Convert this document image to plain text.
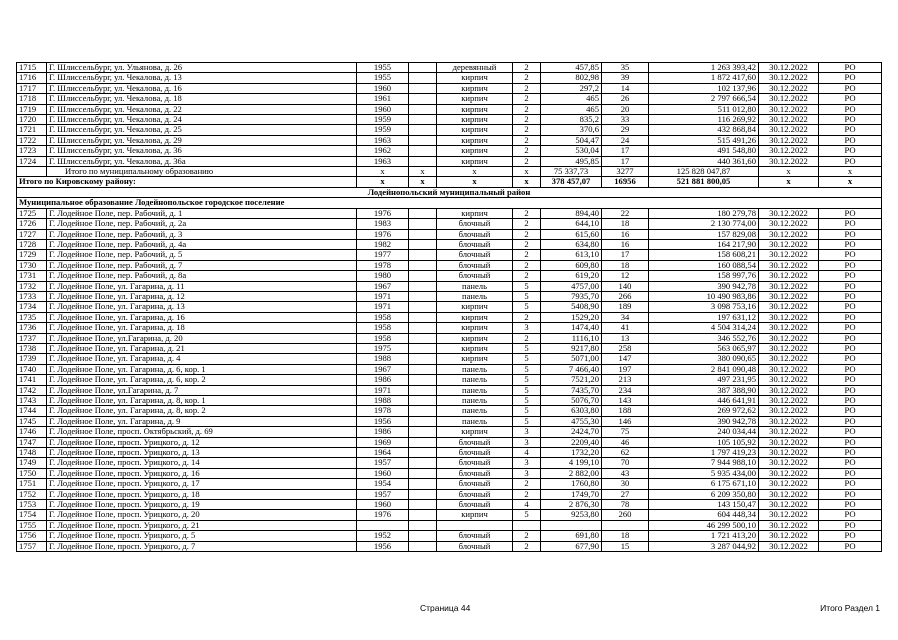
1715	Г. Шлиссельбург, ул. Ульянова, д. 26	1955		деревянный	2	457,85	35	1 263 393,42	30.12.2022	РО
1716	Г. Шлиссельбург, ул. Чекалова, д. 13	1955		кирпич	2	802,98	39	1 872 417,60	30.12.2022	РО
1717	Г. Шлиссельбург, ул. Чекалова, д. 16	1960		кирпич	2	297,2	14	102 137,96	30.12.2022	РО
1718	Г. Шлиссельбург, ул. Чекалова, д. 18	1961		кирпич	2	465	26	2 797 666,54	30.12.2022	РО
1719	Г. Шлиссельбург, ул. Чекалова, д. 22	1960		кирпич	2	465	20	511 012,80	30.12.2022	РО
1720	Г. Шлиссельбург, ул. Чекалова, д. 24	1959		кирпич	2	835,2	33	116 269,92	30.12.2022	РО
1721	Г. Шлиссельбург, ул. Чекалова, д. 25	1959		кирпич	2	370,6	29	432 868,84	30.12.2022	РО
1722	Г. Шлиссельбург, ул. Чекалова, д. 29	1963		кирпич	2	504,47	24	515 491,26	30.12.2022	РО
1723	Г. Шлиссельбург, ул. Чекалова, д. 36	1962		кирпич	2	530,04	17	491 548,80	30.12.2022	РО
1724	Г. Шлиссельбург, ул. Чекалова, д. 36а	1963		кирпич	2	495,85	17	440 361,60	30.12.2022	РО
	Итого по муниципальному образованию	x	x	x	x	75 337,73	3277	125 828 047,87	x	x
Итого по Кировскому району:		x	x	x	x	378 457,07	16956	521 881 800,05	x	x
Лодейнопольский муниципальный район										
Муниципальное образование Лодейнопольское городское поселение										
1725	Г. Лодейное Поле, пер. Рабочий, д. 1	1976		кирпич	2	894,40	22	180 279,78	30.12.2022	РО
1726	Г. Лодейное Поле, пер. Рабочий, д. 2а	1983		блочный	2	644,10	18	2 130 774,00	30.12.2022	РО
1727	Г. Лодейное Поле, пер. Рабочий, д. 3	1976		блочный	2	615,60	16	157 829,08	30.12.2022	РО
1728	Г. Лодейное Поле, пер. Рабочий, д. 4а	1982		блочный	2	634,80	16	164 217,90	30.12.2022	РО
1729	Г. Лодейное Поле, пер. Рабочий, д. 5	1977		блочный	2	613,10	17	158 608,21	30.12.2022	РО
1730	Г. Лодейное Поле, пер. Рабочий, д. 7	1978		блочный	2	609,80	18	160 088,54	30.12.2022	РО
1731	Г. Лодейное Поле, пер. Рабочий, д. 8а	1980		блочный	2	619,20	12	158 997,76	30.12.2022	РО
1732	Г. Лодейное Поле, ул. Гагарина, д. 11	1967		панель	5	4757,00	140	390 942,78	30.12.2022	РО
1733	Г. Лодейное Поле, ул. Гагарина, д. 12	1971		панель	5	7935,70	266	10 490 983,86	30.12.2022	РО
1734	Г. Лодейное Поле, ул. Гагарина, д. 13	1971		кирпич	5	5408,90	189	3 098 753,16	30.12.2022	РО
1735	Г. Лодейное Поле, ул. Гагарина, д. 16	1958		кирпич	2	1529,20	34	197 631,12	30.12.2022	РО
1736	Г. Лодейное Поле, ул. Гагарина, д. 18	1958		кирпич	3	1474,40	41	4 504 314,24	30.12.2022	РО
1737	Г. Лодейное Поле, ул.Гагарина, д. 20	1958		кирпич	2	1116,10	13	346 552,76	30.12.2022	РО
1738	Г. Лодейное Поле, ул. Гагарина, д. 21	1975		кирпич	5	9217,80	258	563 065,97	30.12.2022	РО
1739	Г. Лодейное Поле, ул. Гагарина, д. 4	1988		кирпич	5	5071,00	147	380 090,65	30.12.2022	РО
1740	Г. Лодейное Поле, ул. Гагарина, д. 6, кор. 1	1967		панель	5	7 466,40	197	2 841 090,48	30.12.2022	РО
1741	Г. Лодейное Поле, ул. Гагарина, д. 6, кор. 2	1986		панель	5	7521,20	213	497 231,95	30.12.2022	РО
1742	Г. Лодейное Поле, ул.Гагарина, д. 7	1971		панель	5	7435,70	234	387 388,90	30.12.2022	РО
1743	Г. Лодейное Поле, ул. Гагарина, д. 8, кор. 1	1988		панель	5	5076,70	143	446 641,91	30.12.2022	РО
1744	Г. Лодейное Поле, ул. Гагарина, д. 8, кор. 2	1978		панель	5	6303,80	188	269 972,62	30.12.2022	РО
1745	Г. Лодейное Поле, ул. Гагарина, д. 9	1956		панель	5	4755,30	146	390 942,78	30.12.2022	РО
1746	Г. Лодейное Поле, просп. Октябрьский, д. 69	1986		кирпич	3	2424,70	75	240 034,44	30.12.2022	РО
1747	Г. Лодейное Поле, просп. Урицкого, д. 12	1969		блочный	3	2209,40	46	105 105,92	30.12.2022	РО
1748	Г. Лодейное Поле, просп. Урицкого, д. 13	1964		блочный	4	1732,20	62	1 797 419,23	30.12.2022	РО
1749	Г. Лодейное Поле, просп. Урицкого, д. 14	1957		блочный	3	4 199,10	70	7 944 988,10	30.12.2022	РО
1750	Г. Лодейное Поле, просп. Урицкого, д. 16	1960		блочный	3	2 882,00	43	5 935 434,00	30.12.2022	РО
1751	Г. Лодейное Поле, просп. Урицкого, д. 17	1954		блочный	2	1760,80	30	6 175 671,10	30.12.2022	РО
1752	Г. Лодейное Поле, просп. Урицкого, д. 18	1957		блочный	2	1749,70	27	6 209 350,80	30.12.2022	РО
1753	Г. Лодейное Поле, просп. Урицкого, д. 19	1960		блочный	4	2 876,30	78	143 150,47	30.12.2022	РО
1754	Г. Лодейное Поле, просп. Урицкого, д. 20	1976		кирпич	5	9253,80	260	604 448,34	30.12.2022	РО
1755	Г. Лодейное Поле, просп. Урицкого, д. 21							46 299 500,10	30.12.2022	РО
1756	Г. Лодейное Поле, просп. Урицкого, д. 5	1952		блочный	2	691,80	18	1 721 413,20	30.12.2022	РО
1757	Г. Лодейное Поле, просп. Урицкого, д. 7	1956		блочный	2	677,90	15	3 287 044,92	30.12.2022	РО
Страница 44	Итого Раздел 1
